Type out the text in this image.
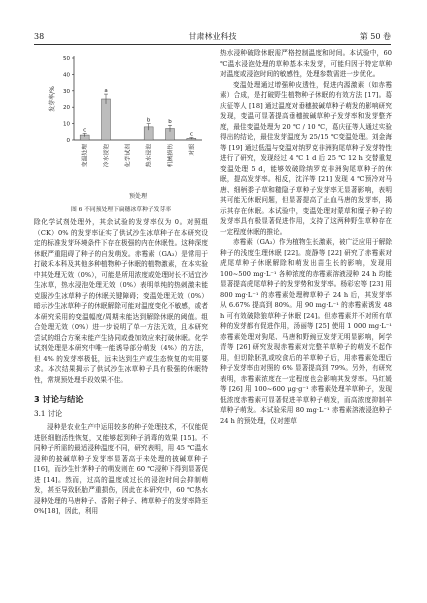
38	甘肃林业科技	第 50 卷
0
10
20
30
40
50
发芽率/%
c
变温处理
a
冷水浸泡	化学试剂
b
热水浸泡
b
机械损伤
c
对照
预处理
图 6 不同预处理下扁穗冰草种子发芽率

除化学试剂处理外，其余试验的发芽率仅为 0。对照组（CK）0% 的发芽率证实了供试沙生冰草种子在本研究设定的标准发芽环境条件下存在极强的内在休眠性。这种深度休眠严重阻碍了种子的自发萌发。赤霉素（GA₃）是常用于打破禾本科及其他多种植物种子休眠的植物激素，在本实验中其处理无效（0%），可能是所用浓度或处理时长不适宜沙生冰草，热水浸泡处理无效（0%）表明单纯的热刺激未能克服沙生冰草种子的休眠关键障碍；变温处理无效（0%）暗示沙生冰草种子的休眠解除可能对温度变化不敏感，或者本研究采用的变温幅度/周期未能达到解除休眠的阈值。组合处理无效（0%）进一步说明了单一方法无效，且本研究尝试的组合方案未能产生协同或叠加效应来打破休眠。化学试剂处理是本研究中唯一能诱导部分萌发（4%）的方法，但 4% 的发芽率极低，远未达到生产或生态恢复的实用要求。本次结果揭示了供试沙生冰草种子具有极强的休眠特性，常规预处理手段效果不佳。

3 讨论与结论
3.1 讨论

浸种是农业生产中运用较多的种子处理技术，不仅能促进胚细胞活性恢复，又能够起到种子消毒的效果 [15]。不同种子所需的最适浸种温度不同，研究表明，用 45 ℃温水浸种的披碱草种子发芽率显著高于未处理的披碱草种子 [16]，而沙生针茅种子的萌发则在 60 ℃浸种下得到显著促进 [14]。然而，过高的温度或过长的浸泡时间会抑制萌发，甚至导致胚胎严重损伤，因此在本研究中，60 ℃热水浸种处理的马唐种子、香附子种子、稗草种子的发芽率降至 0%[18]，因此，利用

热水浸种破除休眠需严格控制温度和时间。本试验中，60 ℃温水浸泡处理的草种基本未发芽，可能归因于特定草种对温度或浸泡时间的敏感性，处理参数需进一步优化。

变温处理通过增强种皮透性，促进内源激素（如赤霉素）合成，是打破野生植物种子休眠的有效方法 [17]。葛庆征等人 [18] 通过温度对垂穗披碱草种子萌发的影响研究发现，变温可显著提高垂穗披碱草种子发芽率和发芽整齐度，最佳变温处理为 20 ℃ / 10 ℃，葛庆征等人通过实验得出的结论，最佳发芽温度为 25/15 ℃变温处理。刘金海等 [19] 通过低温与变温对纳罗克非洲狗尾草种子发芽特性进行了研究，发现经过 4 ℃ 1 d 后 25 ℃ 12 h 交替重复变温处理 5 d，能够效破除纳罗克非洲狗尾草种子的休眠，提高发芽率。相反，沈洋等 [21] 发现 4 ℃预冷对马唐、细柄黍子草和糙隐子草种子发芽率无显著影响，表明其可能无休眠问题，但显著提高了止血马唐的发芽率，揭示其存在休眠。本试验中，变温处理对蒙草和糜子种子的发芽率具有极显著促进作用，支持了这两种野生草种存在一定程度休眠的推论。

赤霉素（GA₃）作为植物生长激素，被广泛应用于解除种子的浅度生理休眠 [22]。庞静等 [22] 研究了赤霉素对虎尾草种子休眠解除和萌发出苗生长的影响，发现用 100~500 mg·L⁻¹ 各种浓度的赤霉素溶液浸种 24 h 均能显著提高虎尾草种子的发芽势和发芽率。杨彩宏等 [23] 用 800 mg·L⁻¹ 的赤霉素处理稗草种子 24 h 后，其发芽率从 6.67% 提高到 80%。用 90 mg·L⁻¹ 的赤霉素诱发 48 h 可有效破除狼草种子休眠 [24]。但赤霉素并不对所有草种的发芽都有促进作用，汤丽等 [25] 使用 1 000 mg·L⁻¹ 赤霉素处理对狗尾、马唐和野豌豆发芽无明显影响，阿学青等 [26] 研究发现赤霉素对完整羊草种子的萌发不起作用，但切除胚乳或咬食后的羊草种子后，用赤霉素处理后种子发芽率由对照的 6% 显著提高到 79%。另外，有研究表明，赤霉素浓度在一定程度也会影响其发芽率。马红媛等 [26] 用 100~600 μg·g⁻¹ 赤霉素处理羊草种子，发现低浓度赤霉素可显著促进羊草种子萌发，而高浓度抑制羊草种子萌发。本试验采用 80 mg·L⁻¹ 赤霉素溶液浸泡种子 24 h 的预处理，仅对莲草
